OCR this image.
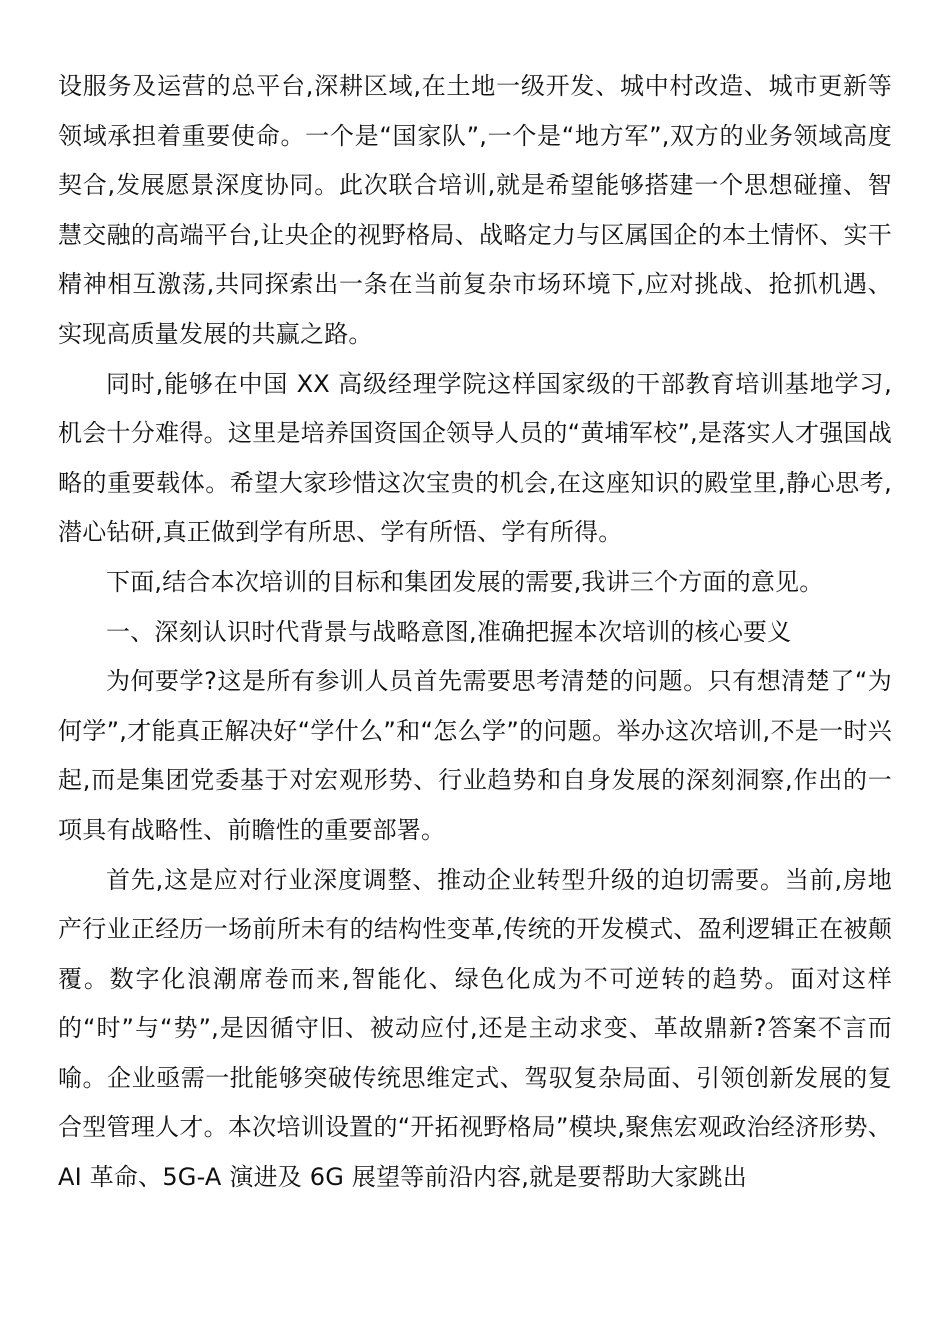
设服务及运营的总平台,深耕区域,在土地一级开发、城中村改造、城市更新等领域承担着重要使命。一个是“国家队”,一个是“地方军”,双方的业务领域高度契合,发展愿景深度协同。此次联合培训,就是希望能够搭建一个思想碰撞、智慧交融的高端平台,让央企的视野格局、战略定力与区属国企的本土情怀、实干精神相互激荡,共同探索出一条在当前复杂市场环境下,应对挑战、抢抓机遇、实现高质量发展的共赢之路。

同时,能够在中国 XX 高级经理学院这样国家级的干部教育培训基地学习,机会十分难得。这里是培养国资国企领导人员的“黄埔军校”,是落实人才强国战略的重要载体。希望大家珍惜这次宝贵的机会,在这座知识的殿堂里,静心思考,潜心钻研,真正做到学有所思、学有所悟、学有所得。

下面,结合本次培训的目标和集团发展的需要,我讲三个方面的意见。

一、深刻认识时代背景与战略意图,准确把握本次培训的核心要义

为何要学?这是所有参训人员首先需要思考清楚的问题。只有想清楚了“为何学”,才能真正解决好“学什么”和“怎么学”的问题。举办这次培训,不是一时兴起,而是集团党委基于对宏观形势、行业趋势和自身发展的深刻洞察,作出的一项具有战略性、前瞻性的重要部署。

首先,这是应对行业深度调整、推动企业转型升级的迫切需要。当前,房地产行业正经历一场前所未有的结构性变革,传统的开发模式、盈利逻辑正在被颠覆。数字化浪潮席卷而来,智能化、绿色化成为不可逆转的趋势。面对这样的“时”与“势”,是因循守旧、被动应付,还是主动求变、革故鼎新?答案不言而喻。企业亟需一批能够突破传统思维定式、驾驭复杂局面、引领创新发展的复合型管理人才。本次培训设置的“开拓视野格局”模块,聚焦宏观政治经济形势、AI 革命、5G-A 演进及 6G 展望等前沿内容,就是要帮助大家跳出
